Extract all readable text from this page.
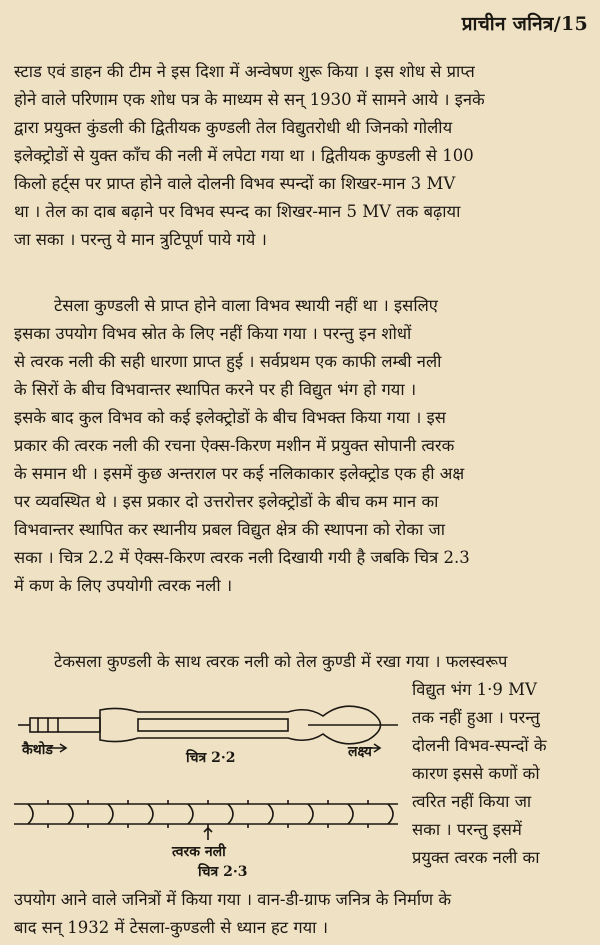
प्राचीन जनित्र/15
स्टाड एवं डाहन की टीम ने इस दिशा में अन्वेषण शुरू किया । इस शोध से प्राप्त
होने वाले परिणाम एक शोध पत्र के माध्यम से सन् 1930 में सामने आये । इनके
द्वारा प्रयुक्त कुंडली की द्वितीयक कुण्डली तेल विद्युतरोधी थी जिनको गोलीय
इलेक्ट्रोडों से युक्त काँच की नली में लपेटा गया था । द्वितीयक कुण्डली से 100
किलो हर्ट्स पर प्राप्त होने वाले दोलनी विभव स्पन्दों का शिखर-मान 3 MV
था । तेल का दाब बढ़ाने पर विभव स्पन्द का शिखर-मान 5 MV तक बढ़ाया
जा सका । परन्तु ये मान त्रुटिपूर्ण पाये गये ।
टेसला कुण्डली से प्राप्त होने वाला विभव स्थायी नहीं था । इसलिए
इसका उपयोग विभव स्रोत के लिए नहीं किया गया । परन्तु इन शोधों
से त्वरक नली की सही धारणा प्राप्त हुई । सर्वप्रथम एक काफी लम्बी नली
के सिरों के बीच विभवान्तर स्थापित करने पर ही विद्युत भंग हो गया ।
इसके बाद कुल विभव को कई इलेक्ट्रोडों के बीच विभक्त किया गया । इस
प्रकार की त्वरक नली की रचना ऐक्स-किरण मशीन में प्रयुक्त सोपानी त्वरक
के समान थी । इसमें कुछ अन्तराल पर कई नलिकाकार इलेक्ट्रोड एक ही अक्ष
पर व्यवस्थित थे । इस प्रकार दो उत्तरोत्तर इलेक्ट्रोडों के बीच कम मान का
विभवान्तर स्थापित कर स्थानीय प्रबल विद्युत क्षेत्र की स्थापना को रोका जा
सका । चित्र 2.2 में ऐक्स-किरण त्वरक नली दिखायी गयी है जबकि चित्र 2.3
में कण के लिए उपयोगी त्वरक नली ।
टेकसला कुण्डली के साथ त्वरक नली को तेल कुण्डी में रखा गया । फलस्वरूप
विद्युत भंग 1·9 MV
तक नहीं हुआ । परन्तु
दोलनी विभव-स्पन्दों के
कारण इससे कणों को
त्वरित नहीं किया जा
सका । परन्तु इसमें
प्रयुक्त त्वरक नली का
कैथोड	लक्ष्य
चित्र 2·2
त्वरक नली
चित्र 2·3
उपयोग आने वाले जनित्रों में किया गया । वान-डी-ग्राफ जनित्र के निर्माण के
बाद सन् 1932 में टेसला-कुण्डली से ध्यान हट गया ।
